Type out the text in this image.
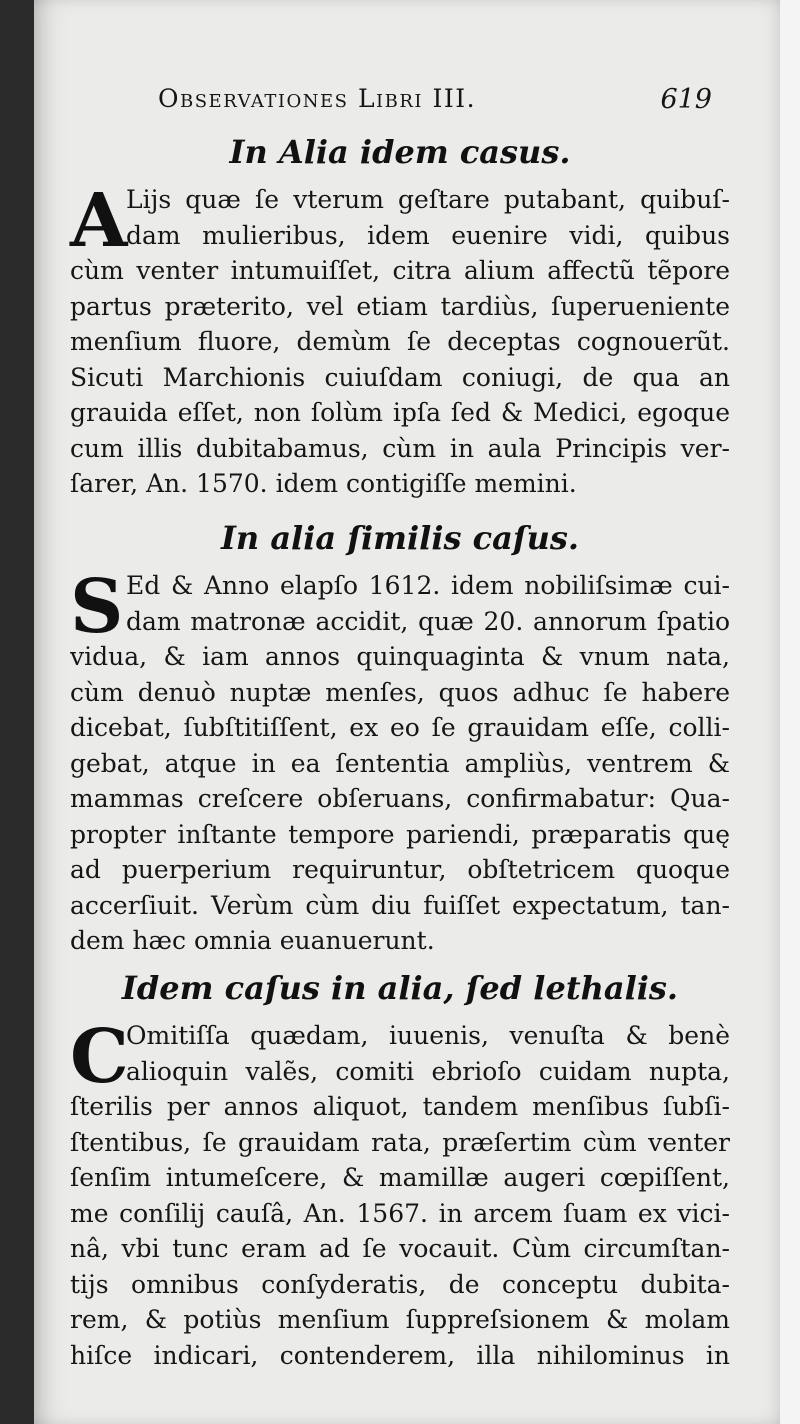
Observationes Libri III.	619
In Alia idem casus.
A
Lijs quæ ſe vterum geſtare putabant, quibuſ-
dam mulieribus, idem euenire vidi, quibus
cùm venter intumuiſſet, citra alium affectũ tẽpore
partus præterito, vel etiam tardiùs, ſuperueniente
menſium fluore, demùm ſe deceptas cognouerũt.
Sicuti Marchionis cuiuſdam coniugi, de qua an
grauida eſſet, non ſolùm ipſa ſed & Medici, egoque
cum illis dubitabamus, cùm in aula Principis ver-
ſarer, An. 1570. idem contigiſſe memini.
In alia ſimilis caſus.
S Ed & Anno elapſo 1612. idem nobiliſsimæ cui-
dam matronæ accidit, quæ 20. annorum ſpatio
vidua, & iam annos quinquaginta & vnum nata,
cùm denuò nuptæ menſes, quos adhuc ſe habere
dicebat, ſubſtitiſſent, ex eo ſe grauidam eſſe, colli-
gebat, atque in ea ſententia ampliùs, ventrem &
mammas creſcere obſeruans, confirmabatur: Qua-
propter inſtante tempore pariendi, præparatis quę
ad puerperium requiruntur, obſtetricem quoque
accerſiuit. Verùm cùm diu fuiſſet expectatum, tan-
dem hæc omnia euanuerunt.
Idem caſus in alia, ſed lethalis.
C
Omitiſſa quædam, iuuenis, venuſta & benè
alioquin valẽs, comiti ebrioſo cuidam nupta,
ſterilis per annos aliquot, tandem menſibus ſubſi-
ſtentibus, ſe grauidam rata, præſertim cùm venter
ſenſim intumeſcere, & mamillæ augeri cœpiſſent,
me conſilij cauſâ, An. 1567. in arcem ſuam ex vici-
nâ, vbi tunc eram ad ſe vocauit. Cùm circumſtan-
tijs omnibus conſyderatis, de conceptu dubita-
rem, & potiùs menſium ſuppreſsionem & molam
hiſce indicari, contenderem, illa nihilominus in
